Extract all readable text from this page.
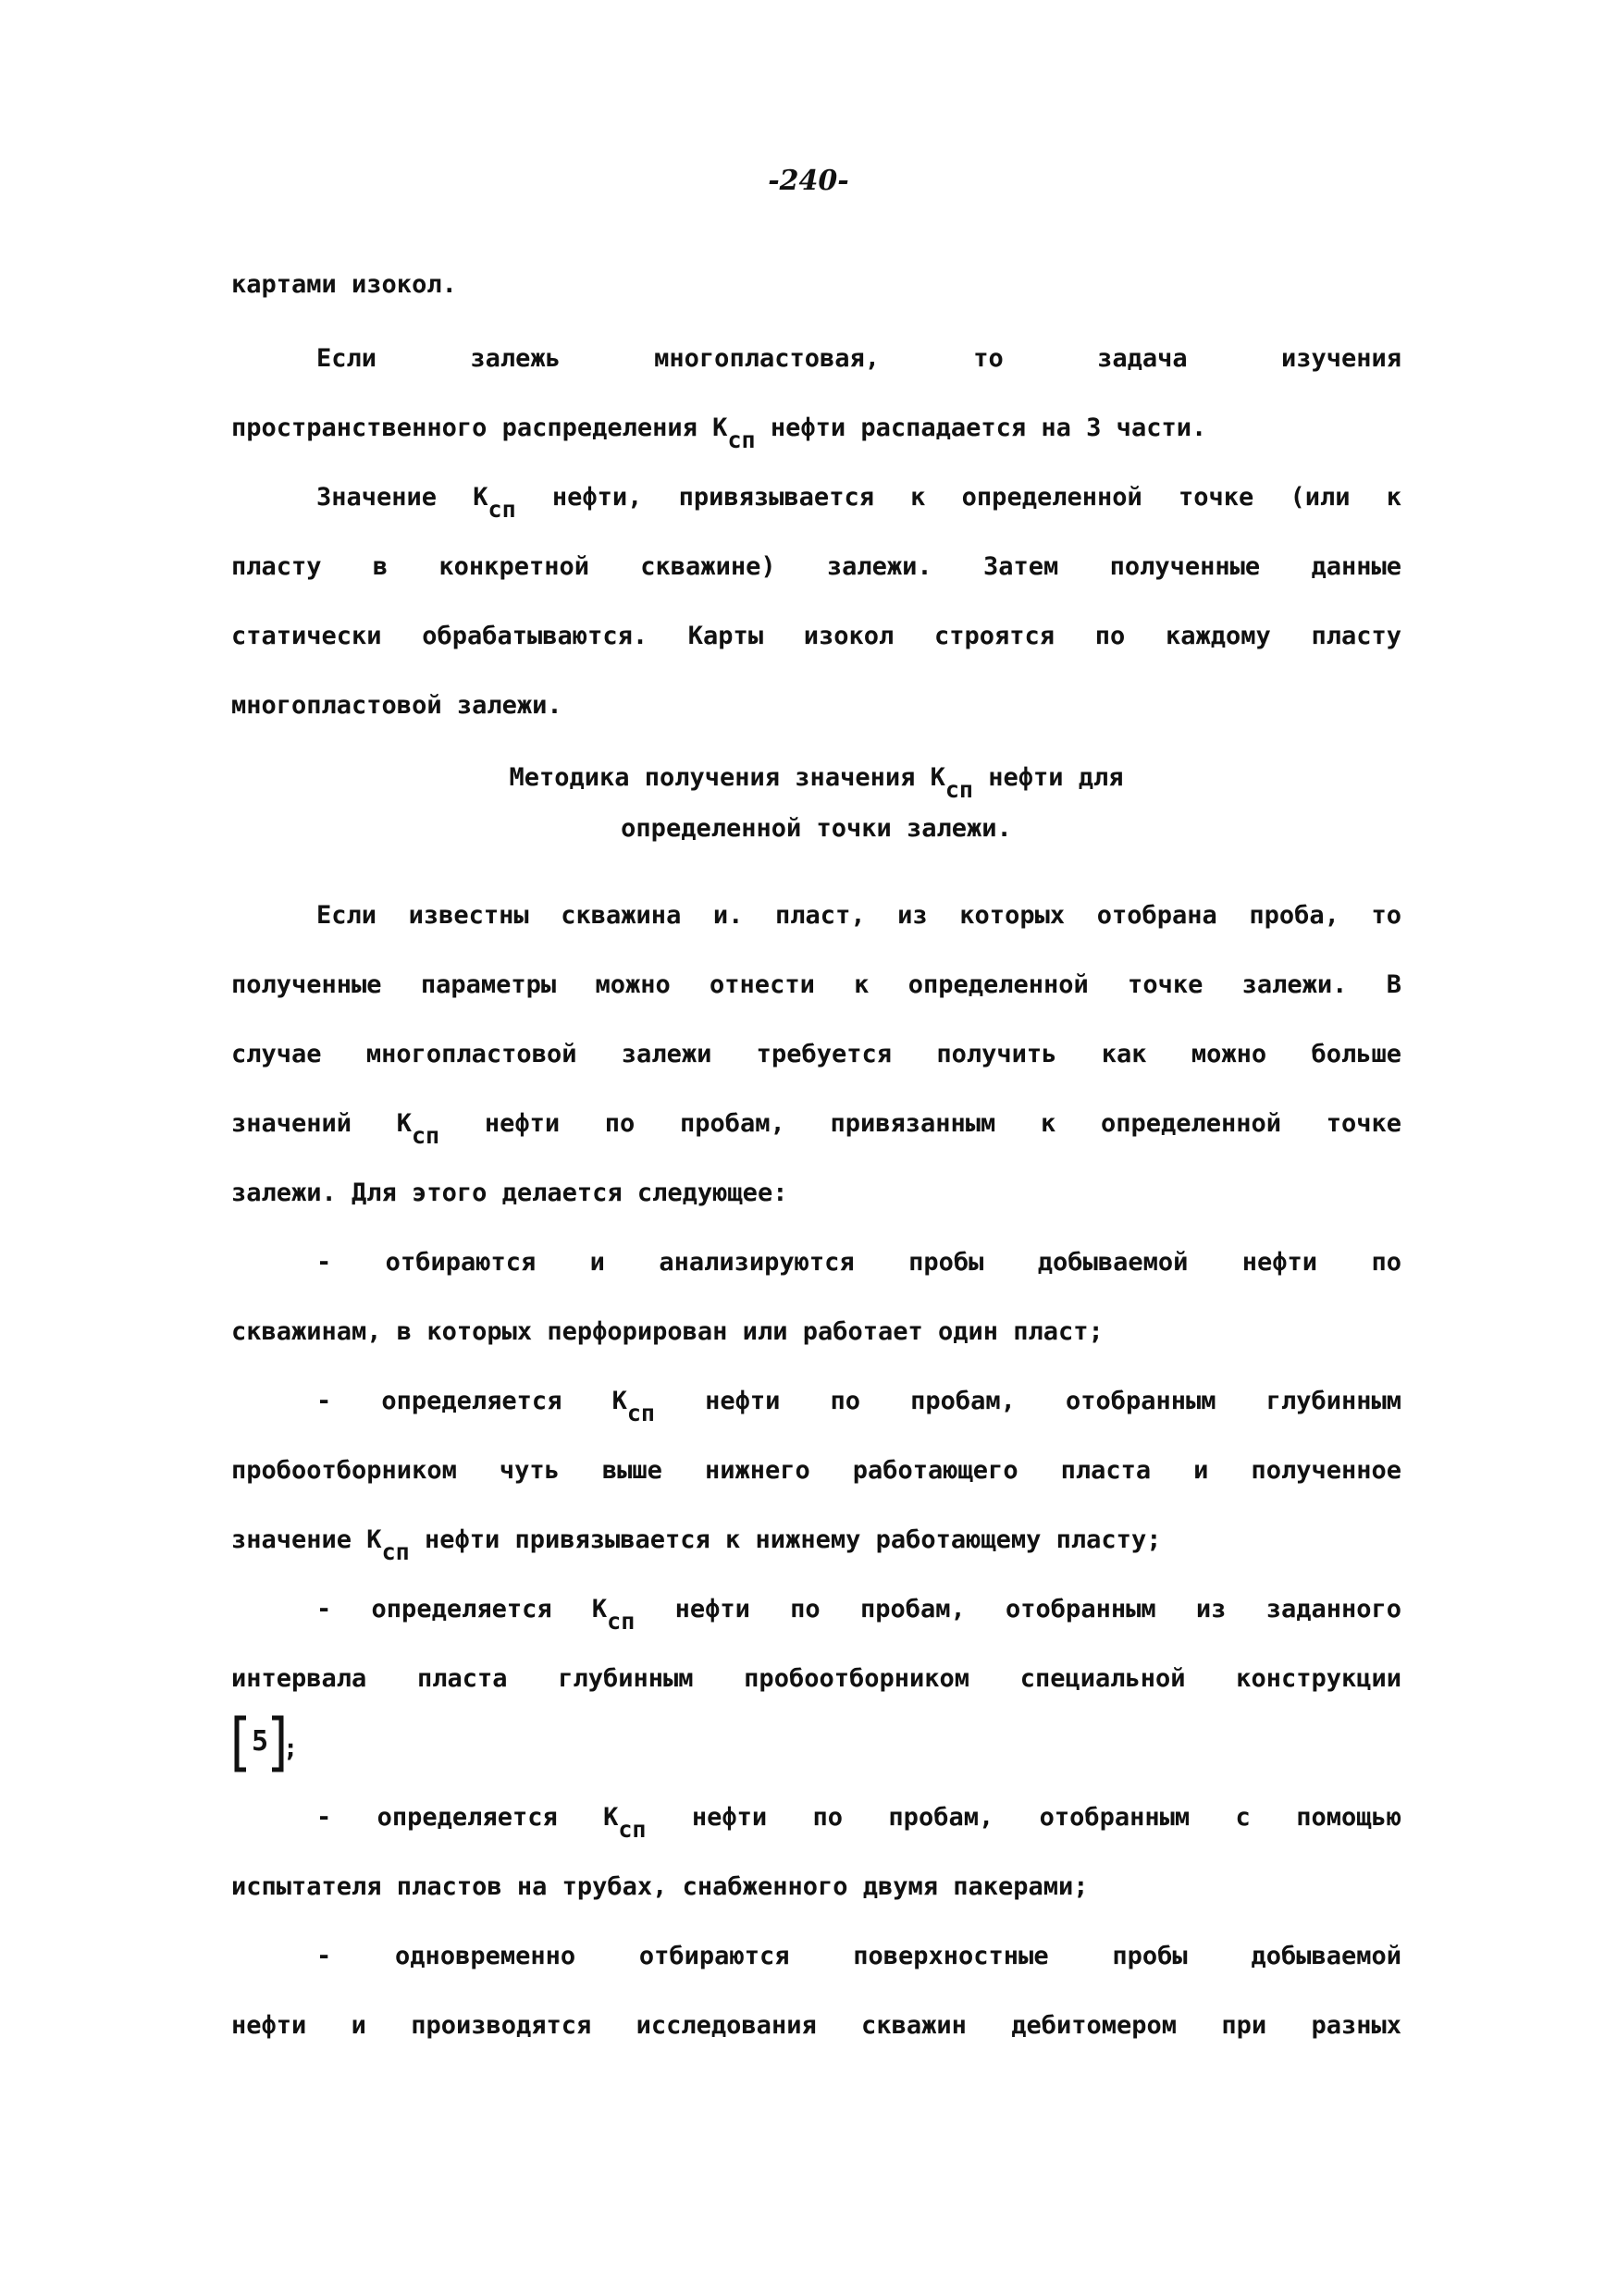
-240-
картами изокол.
Если залежь многопластовая, то задача изучения
пространственного распределения Ксп нефти распадается на 3 части.
Значение Ксп нефти, привязывается к определенной точке (или к
пласту в конкретной скважине) залежи. Затем полученные данные
статически обрабатываются. Карты изокол строятся по каждому пласту
многопластовой залежи.
Методика получения значения Ксп нефти для
определенной точки залежи.
Если известны скважина и. пласт, из которых отобрана проба, то
полученные параметры можно отнести к определенной точке залежи. В
случае многопластовой залежи требуется получить как можно больше
значений Ксп нефти по пробам, привязанным к определенной точке
залежи. Для этого делается следующее:
- отбираются и анализируются пробы добываемой нефти по
скважинам, в которых перфорирован или работает один пласт;
- определяется Ксп нефти по пробам, отобранным глубинным
пробоотборником чуть выше нижнего работающего пласта и полученное
значение Ксп нефти привязывается к нижнему работающему пласту;
- определяется Ксп нефти по пробам, отобранным из заданного
интервала пласта глубинным пробоотборником специальной конструкции
5 ;
- определяется Ксп нефти по пробам, отобранным с помощью
испытателя пластов на трубах, снабженного двумя пакерами;
- одновременно отбираются поверхностные пробы добываемой
нефти и производятся исследования скважин дебитомером при разных
